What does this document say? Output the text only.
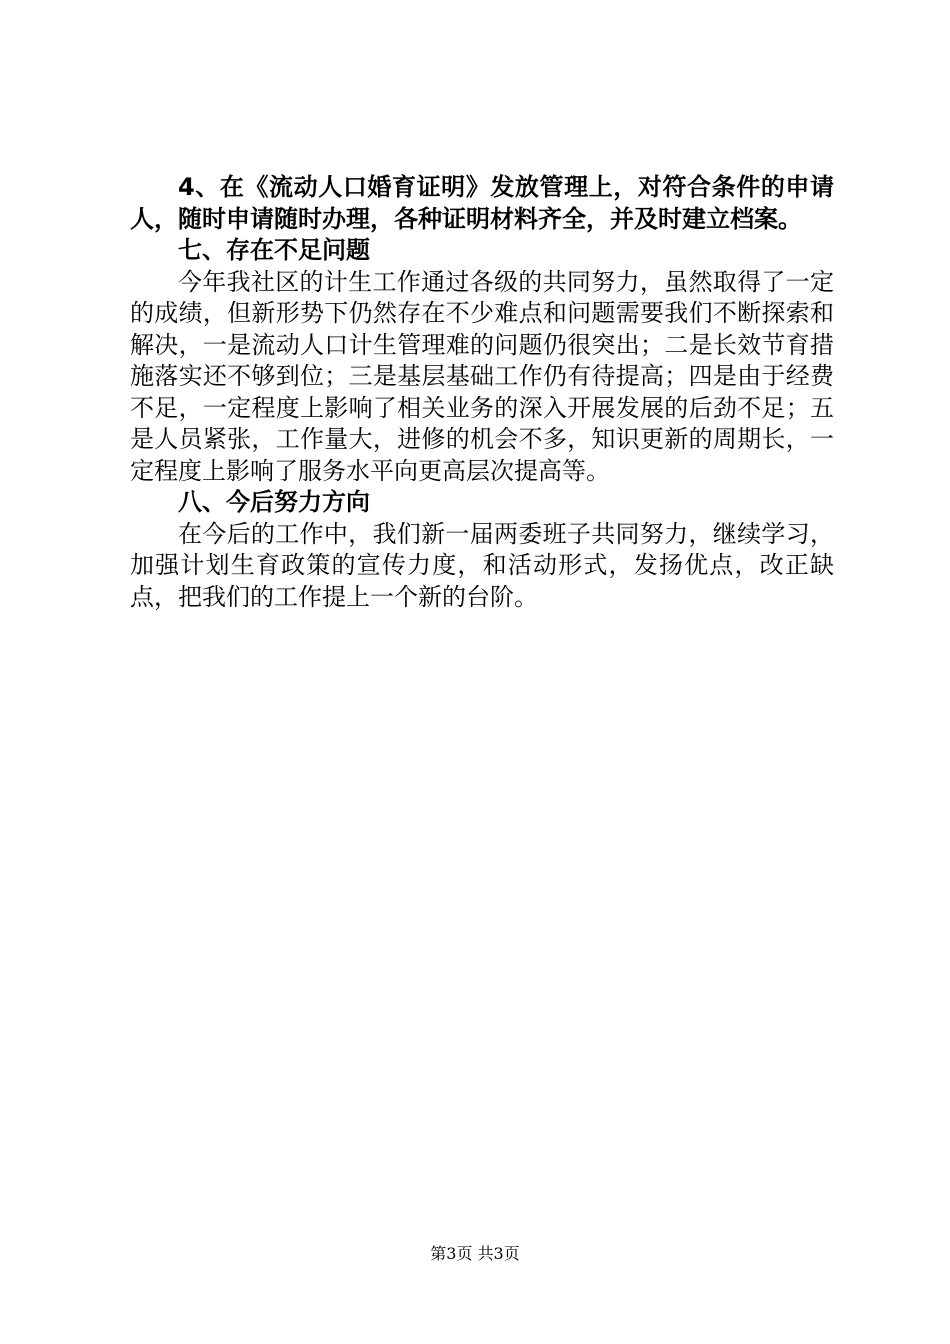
4、在《流动人口婚育证明》发放管理上，对符合条件的申请人，随时申请随时办理，各种证明材料齐全，并及时建立档案。

七、存在不足问题

今年我社区的计生工作通过各级的共同努力，虽然取得了一定的成绩，但新形势下仍然存在不少难点和问题需要我们不断探索和解决，一是流动人口计生管理难的问题仍很突出；二是长效节育措施落实还不够到位；三是基层基础工作仍有待提高；四是由于经费不足，一定程度上影响了相关业务的深入开展发展的后劲不足；五是人员紧张，工作量大，进修的机会不多，知识更新的周期长，一定程度上影响了服务水平向更高层次提高等。

八、今后努力方向

在今后的工作中，我们新一届两委班子共同努力，继续学习，加强计划生育政策的宣传力度，和活动形式，发扬优点，改正缺点，把我们的工作提上一个新的台阶。

第3页 共3页
